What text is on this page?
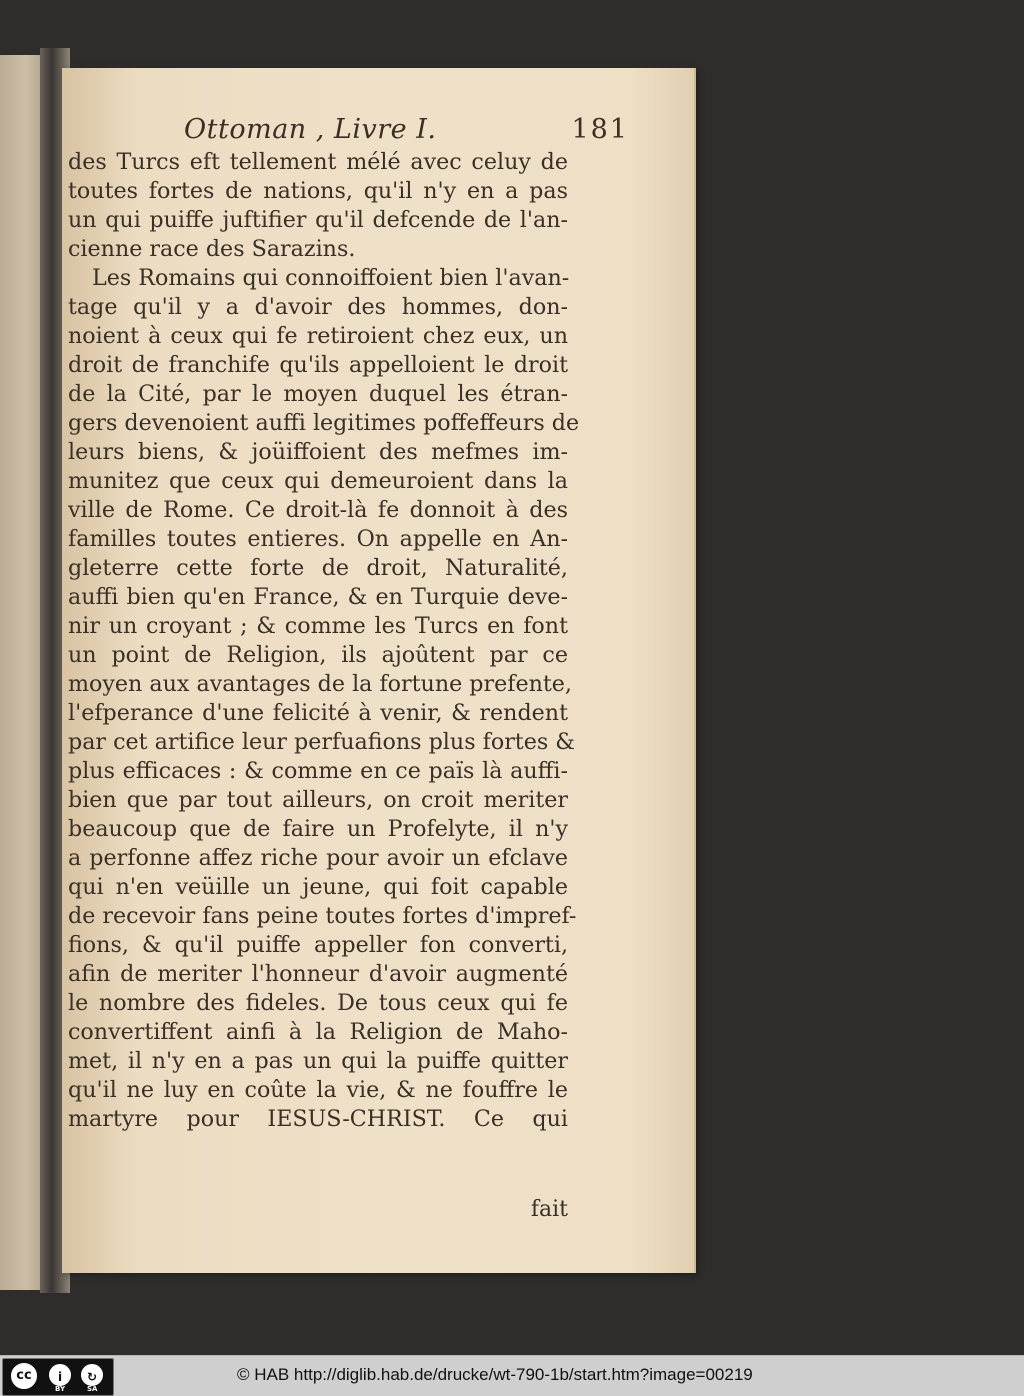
Ottoman , Livre I.	181
des Turcs eft tellement mélé avec celuy de
toutes fortes de nations, qu'il n'y en a pas
un qui puiffe juftifier qu'il defcende de l'an-
cienne race des Sarazins.
Les Romains qui connoiffoient bien l'avan-
tage qu'il y a d'avoir des hommes, don-
noient à ceux qui fe retiroient chez eux, un
droit de franchife qu'ils appelloient le droit
de la Cité, par le moyen duquel les étran-
gers devenoient auffi legitimes poffeffeurs de
leurs biens, & joüiffoient des mefmes im-
munitez que ceux qui demeuroient dans la
ville de Rome. Ce droit-là fe donnoit à des
familles toutes entieres. On appelle en An-
gleterre cette forte de droit, Naturalité,
auffi bien qu'en France, & en Turquie deve-
nir un croyant ; & comme les Turcs en font
un point de Religion, ils ajoûtent par ce
moyen aux avantages de la fortune prefente,
l'efperance d'une felicité à venir, & rendent
par cet artifice leur perfuafions plus fortes &
plus efficaces : & comme en ce païs là auffi-
bien que par tout ailleurs, on croit meriter
beaucoup que de faire un Profelyte, il n'y
a perfonne affez riche pour avoir un efclave
qui n'en veüille un jeune, qui foit capable
de recevoir fans peine toutes fortes d'impref-
fions, & qu'il puiffe appeller fon converti,
afin de meriter l'honneur d'avoir augmenté
le nombre des fideles. De tous ceux qui fe
convertiffent ainfi à la Religion de Maho-
met, il n'y en a pas un qui la puiffe quitter
qu'il ne luy en coûte la vie, & ne fouffre le
martyre pour IESUS-CHRIST. Ce qui
fait
cc	i	↻
BY	SA
© HAB http://diglib.hab.de/drucke/wt-790-1b/start.htm?image=00219
